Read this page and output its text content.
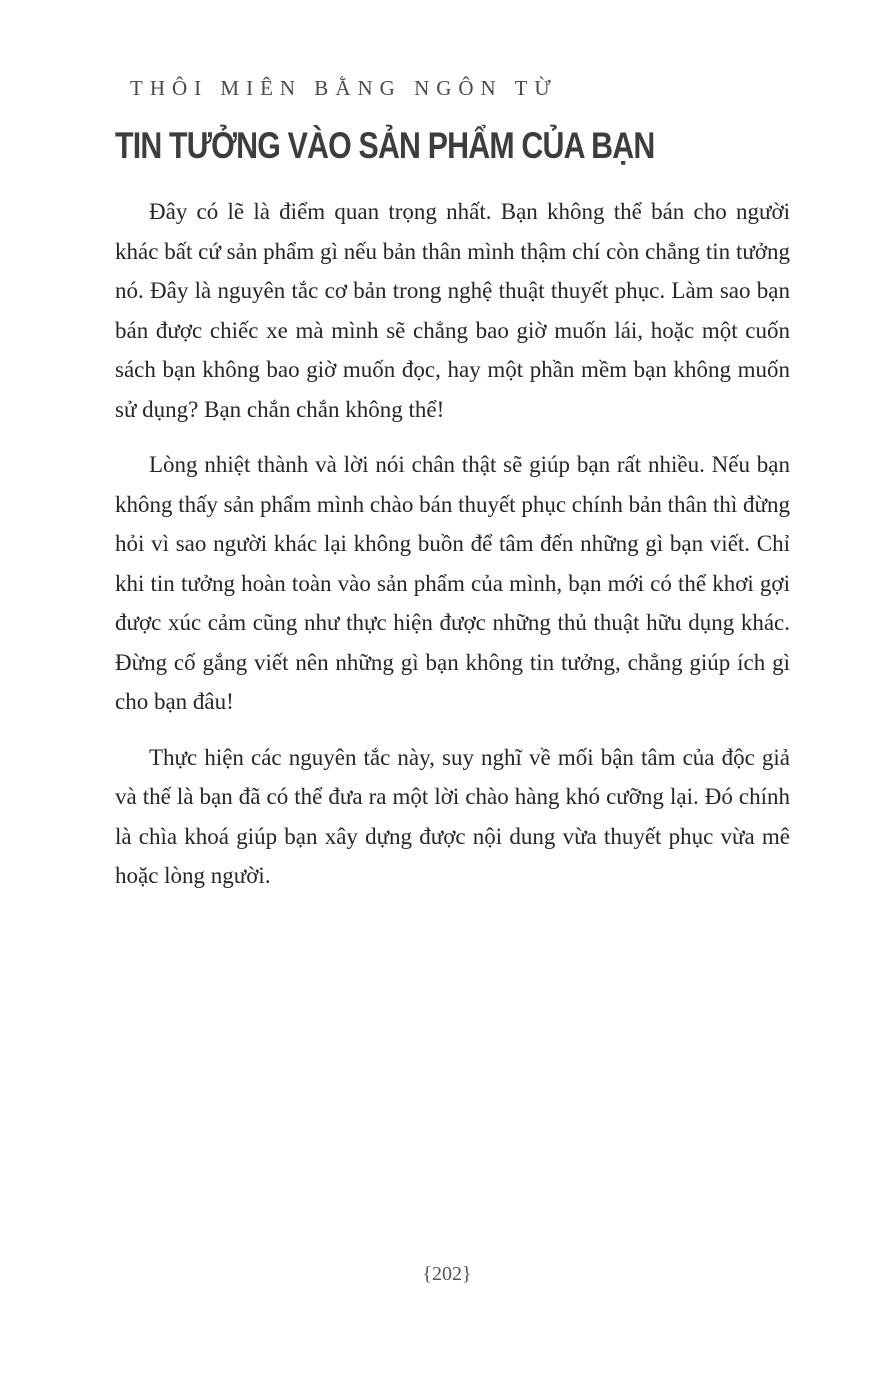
THÔI MIÊN BẰNG NGÔN TỪ
TIN TƯỞNG VÀO SẢN PHẨM CỦA BẠN

Đây có lẽ là điểm quan trọng nhất. Bạn không thể bán cho người khác bất cứ sản phẩm gì nếu bản thân mình thậm chí còn chẳng tin tưởng nó. Đây là nguyên tắc cơ bản trong nghệ thuật thuyết phục. Làm sao bạn bán được chiếc xe mà mình sẽ chẳng bao giờ muốn lái, hoặc một cuốn sách bạn không bao giờ muốn đọc, hay một phần mềm bạn không muốn sử dụng? Bạn chắn chắn không thể!

Lòng nhiệt thành và lời nói chân thật sẽ giúp bạn rất nhiều. Nếu bạn không thấy sản phẩm mình chào bán thuyết phục chính bản thân thì đừng hỏi vì sao người khác lại không buồn để tâm đến những gì bạn viết. Chỉ khi tin tưởng hoàn toàn vào sản phẩm của mình, bạn mới có thể khơi gợi được xúc cảm cũng như thực hiện được những thủ thuật hữu dụng khác. Đừng cố gắng viết nên những gì bạn không tin tưởng, chẳng giúp ích gì cho bạn đâu!

Thực hiện các nguyên tắc này, suy nghĩ về mối bận tâm của độc giả và thế là bạn đã có thể đưa ra một lời chào hàng khó cưỡng lại. Đó chính là chìa khoá giúp bạn xây dựng được nội dung vừa thuyết phục vừa mê hoặc lòng người.

{202}
